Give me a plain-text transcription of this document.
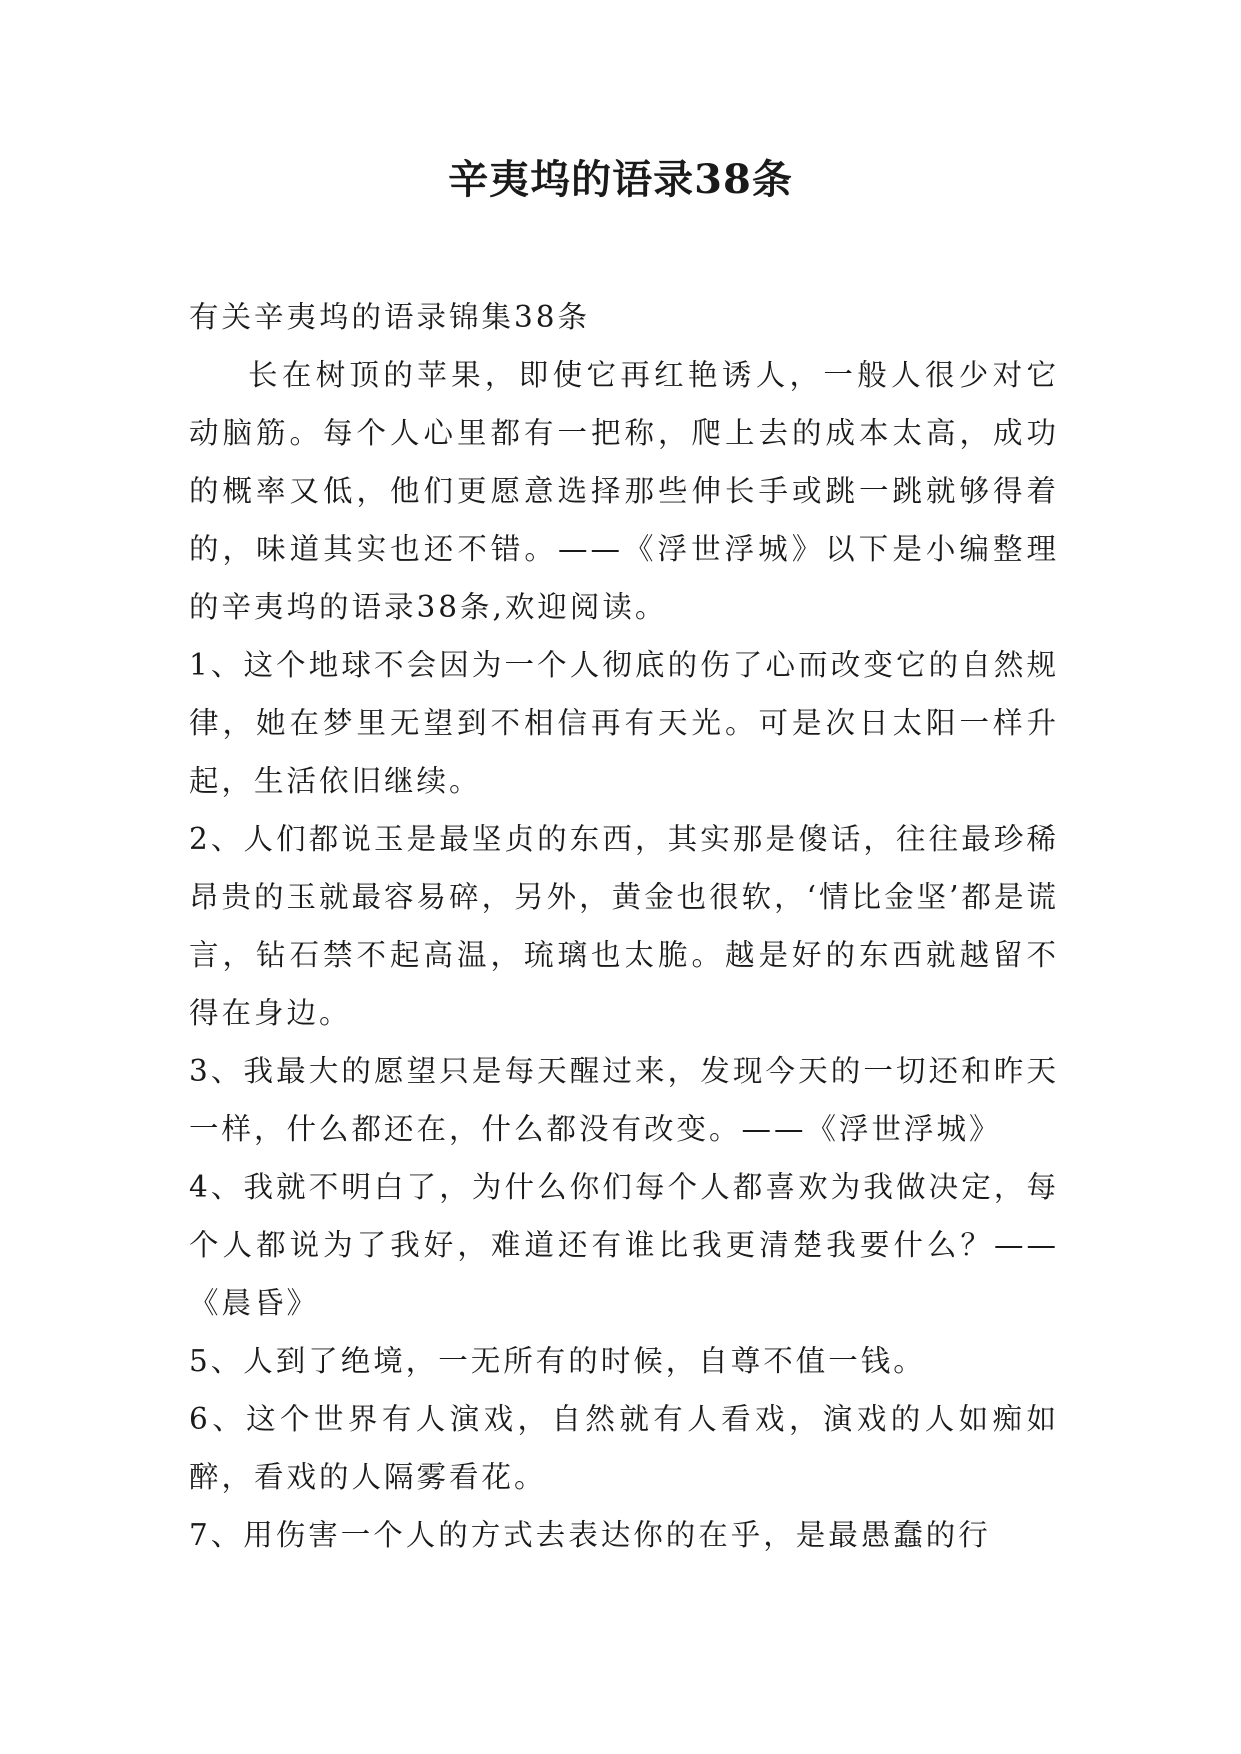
辛夷坞的语录38条

有关辛夷坞的语录锦集38条

长在树顶的苹果，即使它再红艳诱人，一般人很少对它动脑筋。每个人心里都有一把称，爬上去的成本太高，成功的概率又低，他们更愿意选择那些伸长手或跳一跳就够得着的，味道其实也还不错。——《浮世浮城》以下是小编整理的辛夷坞的语录38条,欢迎阅读。

1、这个地球不会因为一个人彻底的伤了心而改变它的自然规律，她在梦里无望到不相信再有天光。可是次日太阳一样升起，生活依旧继续。

2、人们都说玉是最坚贞的东西，其实那是傻话，往往最珍稀昂贵的玉就最容易碎，另外，黄金也很软，‘情比金坚’都是谎言，钻石禁不起高温，琉璃也太脆。越是好的东西就越留不得在身边。

3、我最大的愿望只是每天醒过来，发现今天的一切还和昨天一样，什么都还在，什么都没有改变。——《浮世浮城》

4、我就不明白了，为什么你们每个人都喜欢为我做决定，每个人都说为了我好，难道还有谁比我更清楚我要什么？——《晨昏》

5、人到了绝境，一无所有的时候，自尊不值一钱。

6、这个世界有人演戏，自然就有人看戏，演戏的人如痴如醉，看戏的人隔雾看花。

7、用伤害一个人的方式去表达你的在乎，是最愚蠢的行
